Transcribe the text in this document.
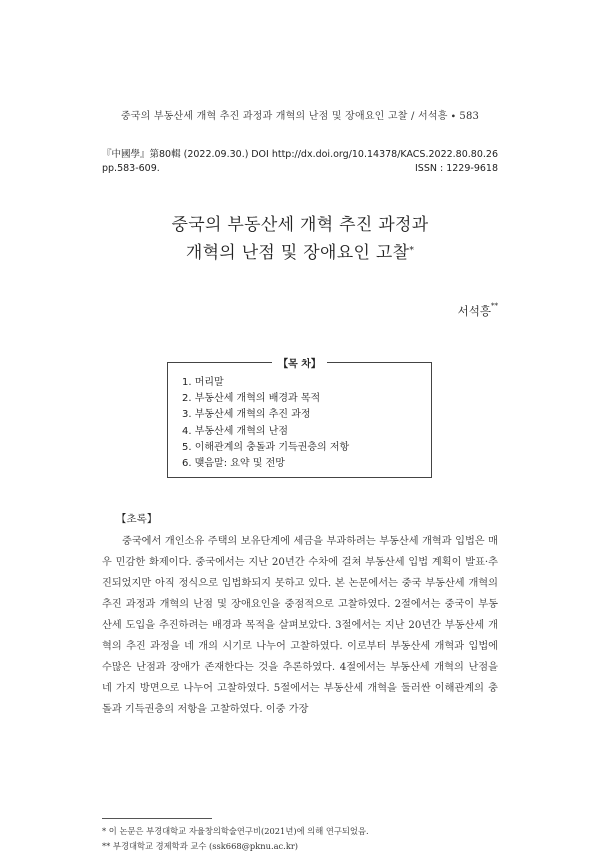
중국의 부동산세 개혁 추진 과정과 개혁의 난점 및 장애요인 고찰 / 서석흥 ∙ 583
『中國學』第80輯 (2022.09.30.) DOI http://dx.doi.org/10.14378/KACS.2022.80.80.26
pp.583-609.	ISSN : 1229-9618
중국의 부동산세 개혁 추진 과정과
개혁의 난점 및 장애요인 고찰*
서석흥**
【목 차】
1. 머리말
2. 부동산세 개혁의 배경과 목적
3. 부동산세 개혁의 추진 과정
4. 부동산세 개혁의 난점
5. 이해관계의 충돌과 기득권층의 저항
6. 맺음말: 요약 및 전망
【초록】

중국에서 개인소유 주택의 보유단계에 세금을 부과하려는 부동산세 개혁과 입법은 매우 민감한 화제이다. 중국에서는 지난 20년간 수차에 걸쳐 부동산세 입법 계획이 발표·추진되었지만 아직 정식으로 입법화되지 못하고 있다. 본 논문에서는 중국 부동산세 개혁의 추진 과정과 개혁의 난점 및 장애요인을 중점적으로 고찰하였다. 2절에서는 중국이 부동산세 도입을 추진하려는 배경과 목적을 살펴보았다. 3절에서는 지난 20년간 부동산세 개혁의 추진 과정을 네 개의 시기로 나누어 고찰하였다. 이로부터 부동산세 개혁과 입법에 수많은 난점과 장애가 존재한다는 것을 추론하였다. 4절에서는 부동산세 개혁의 난점을 네 가지 방면으로 나누어 고찰하였다. 5절에서는 부동산세 개혁을 둘러싼 이해관계의 충돌과 기득권층의 저항을 고찰하였다. 이중 가장

* 이 논문은 부경대학교 자율창의학술연구비(2021년)에 의해 연구되었음.
** 부경대학교 경제학과 교수 (ssk668@pknu.ac.kr)
